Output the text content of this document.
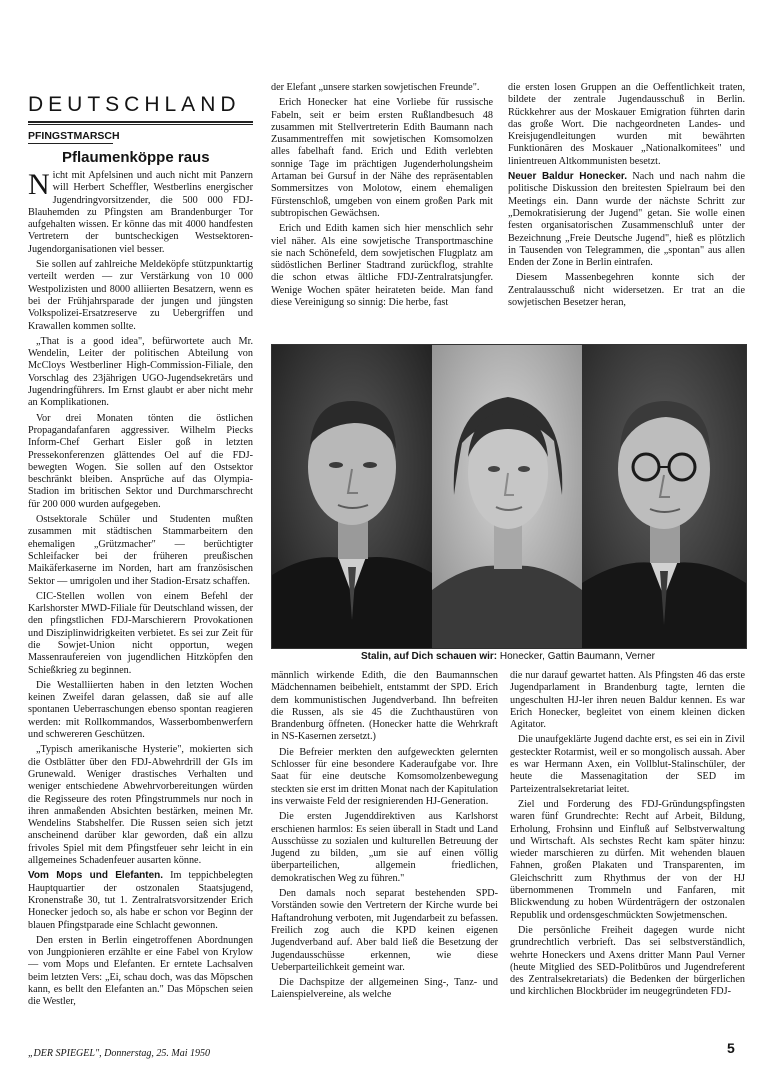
DEUTSCHLAND
PFINGSTMARSCH
Pflaumenköppe raus

Nicht mit Apfelsinen und auch nicht mit Panzern will Herbert Scheffler, Westberlins energischer Jugendringvorsitzender, die 500 000 FDJ-Blauhemden zu Pfingsten am Brandenburger Tor aufgehalten wissen. Er könne das mit 4000 handfesten Vertretern der buntscheckigen Westsektoren-Jugendorganisationen viel besser.

Sie sollen auf zahlreiche Meldeköpfe stützpunktartig verteilt werden — zur Verstärkung von 10 000 Westpolizisten und 8000 alliierten Besatzern, wenn es bei der Frühjahrsparade der jungen und jüngsten Volkspolizei-Ersatzreserve zu Uebergriffen und Krawallen kommen sollte.

„That is a good idea", befürwortete auch Mr. Wendelin, Leiter der politischen Abteilung von McCloys Westberliner High-Commission-Filiale, den Vorschlag des 23jährigen UGO-Jugendsekretärs und Jugendringführers. Im Ernst glaubt er aber nicht mehr an Komplikationen.

Vor drei Monaten tönten die östlichen Propagandafanfaren aggressiver. Wilhelm Piecks Inform-Chef Gerhart Eisler goß in letzten Pressekonferenzen glättendes Oel auf die FDJ-bewegten Wogen. Sie sollen auf den Ostsektor beschränkt bleiben. Ansprüche auf das Olympia-Stadion im britischen Sektor und Durchmarschrecht für 200 000 wurden aufgegeben.

Ostsektorale Schüler und Studenten mußten zusammen mit städtischen Stammarbeitern den ehemaligen „Grützmacher" — berüchtigter Schleifacker bei der früheren preußischen Maikäferkaserne im Norden, hart am französischen Sektor — umrigolen und iher Stadion-Ersatz schaffen.

CIC-Stellen wollen von einem Befehl der Karlshorster MWD-Filiale für Deutschland wissen, der den pfingstlichen FDJ-Marschierern Provokationen und Disziplinwidrigkeiten verbietet. Es sei zur Zeit für die Sowjet-Union nicht opportun, wegen Massenraufereien von jugendlichen Hitzköpfen den Schießkrieg zu beginnen.

Die Westalliierten haben in den letzten Wochen keinen Zweifel daran gelassen, daß sie auf alle spontanen Ueberraschungen ebenso spontan reagieren werden: mit Rollkommandos, Wasserbombenwerfern und schwereren Geschützen.

„Typisch amerikanische Hysterie", mokierten sich die Ostblätter über den FDJ-Abwehrdrill der GIs im Grunewald. Weniger drastisches Verhalten und weniger entschiedene Abwehrvorbereitungen würden die Regisseure des roten Pfingstrummels nur noch in ihren anmaßenden Absichten bestärken, meinen Mr. Wendelins Stabshelfer. Die Russen seien sich jetzt anscheinend darüber klar geworden, daß ein allzu frivoles Spiel mit dem Pfingstfeuer sehr leicht in ein allgemeines Schadenfeuer ausarten könne.

Vom Mops und Elefanten. Im teppichbelegten Hauptquartier der ostzonalen Staatsjugend, Kronenstraße 30, tut 1. Zentralratsvorsitzender Erich Honecker jedoch so, als habe er schon vor Beginn der blauen Pfingstparade eine Schlacht gewonnen.

Den ersten in Berlin eingetroffenen Abordnungen von Jungpionieren erzählte er eine Fabel von Krylow — vom Mops und Elefanten. Er erntete Lachsalven beim letzten Vers: „Ei, schau doch, was das Möpschen kann, es bellt den Elefanten an." Das Möpschen seien die Westler,

der Elefant „unsere starken sowjetischen Freunde".

Erich Honecker hat eine Vorliebe für russische Fabeln, seit er beim ersten Rußlandbesuch 48 zusammen mit Stellvertreterin Edith Baumann nach Zusammentreffen mit sowjetischen Komsomolzen alles fabelhaft fand. Erich und Edith verlebten sonnige Tage im prächtigen Jugenderholungsheim Artaman bei Gursuf in der Nähe des repräsentablen Sommersitzes von Molotow, einem ehemaligen Fürstenschloß, umgeben von einem großen Park mit subtropischen Gewächsen.

Erich und Edith kamen sich hier menschlich sehr viel näher. Als eine sowjetische Transportmaschine sie nach Schönefeld, dem sowjetischen Flugplatz am südöstlichen Berliner Stadtrand zurückflog, strahlte die schon etwas ältliche FDJ-Zentralratsjungfer. Wenige Wochen später heirateten beide. Man fand diese Vereinigung so sinnig: Die herbe, fast

die ersten losen Gruppen an die Oeffentlichkeit traten, bildete der zentrale Jugendausschuß in Berlin. Rückkehrer aus der Moskauer Emigration führten darin das große Wort. Die nachgeordneten Landes- und Kreisjugendleitungen wurden mit bewährten Funktionären des Moskauer „Nationalkomitees" und linientreuen Altkommunisten besetzt.

Neuer Baldur Honecker. Nach und nach nahm die politische Diskussion den breitesten Spielraum bei den Meetings ein. Dann wurde der nächste Schritt zur „Demokratisierung der Jugend" getan. Sie wolle einen festen organisatorischen Zusammenschluß unter der Bezeichnung „Freie Deutsche Jugend", hieß es plötzlich in Tausenden von Telegrammen, die „spontan" aus allen Enden der Zone in Berlin eintrafen.

Diesem Massenbegehren konnte sich der Zentralausschuß nicht widersetzen. Er trat an die sowjetischen Besetzer heran,

Stalin, auf Dich schauen wir: Honecker, Gattin Baumann, Verner

männlich wirkende Edith, die den Baumannschen Mädchennamen beibehielt, entstammt der SPD. Erich dem kommunistischen Jugendverband. Ihn befreiten die Russen, als sie 45 die Zuchthaustüren von Brandenburg öffneten. (Honecker hatte die Wehrkraft in NS-Kasernen zersetzt.)

Die Befreier merkten den aufgeweckten gelernten Schlosser für eine besondere Kaderaufgabe vor. Ihre Saat für eine deutsche Komsomolzenbewegung steckten sie erst im dritten Monat nach der Kapitulation ins verwaiste Feld der resignierenden HJ-Generation.

Die ersten Jugenddirektiven aus Karlshorst erschienen harmlos: Es seien überall in Stadt und Land Ausschüsse zu sozialen und kulturellen Betreuung der Jugend zu bilden, „um sie auf einen völlig überparteilichen, allgemein friedlichen, demokratischen Weg zu führen."

Den damals noch separat bestehenden SPD-Vorständen sowie den Vertretern der Kirche wurde bei Haftandrohung verboten, mit Jugendarbeit zu befassen. Freilich zog auch die KPD keinen eigenen Jugendverband auf. Aber bald ließ die Besetzung der Jugendausschüsse erkennen, wie diese Ueberparteilichkeit gemeint war.

Die Dachspitze der allgemeinen Sing-, Tanz- und Laienspielvereine, als welche

die nur darauf gewartet hatten. Als Pfingsten 46 das erste Jugendparlament in Brandenburg tagte, lernten die ungeschulten HJ-ler ihren neuen Baldur kennen. Es war Erich Honecker, begleitet von einem kleinen dicken Agitator.

Die unaufgeklärte Jugend dachte erst, es sei ein in Zivil gesteckter Rotarmist, weil er so mongolisch aussah. Aber es war Hermann Axen, ein Vollblut-Stalinschüler, der heute die Massenagitation der SED im Parteizentralsekretariat leitet.

Ziel und Forderung des FDJ-Gründungspfingsten waren fünf Grundrechte: Recht auf Arbeit, Bildung, Erholung, Frohsinn und Einfluß auf Selbstverwaltung und Wirtschaft. Als sechstes Recht kam später hinzu: wieder marschieren zu dürfen. Mit wehenden blauen Fahnen, großen Plakaten und Transparenten, im Gleichschritt zum Rhythmus der von der HJ übernommenen Trommeln und Fanfaren, mit Blickwendung zu hoben Würdenträgern der ostzonalen Republik und ordensgeschmückten Sowjetmenschen.

Die persönliche Freiheit dagegen wurde nicht grundrechtlich verbrieft. Das sei selbstverständlich, wehrte Honeckers und Axens dritter Mann Paul Verner (heute Mitglied des SED-Politbüros und Jugendreferent des Zentralsekretariats) die Bedenken der bürgerlichen und kirchlichen Blockbrüder im neugegründeten FDJ-

„DER SPIEGEL", Donnerstag, 25. Mai 1950	5
